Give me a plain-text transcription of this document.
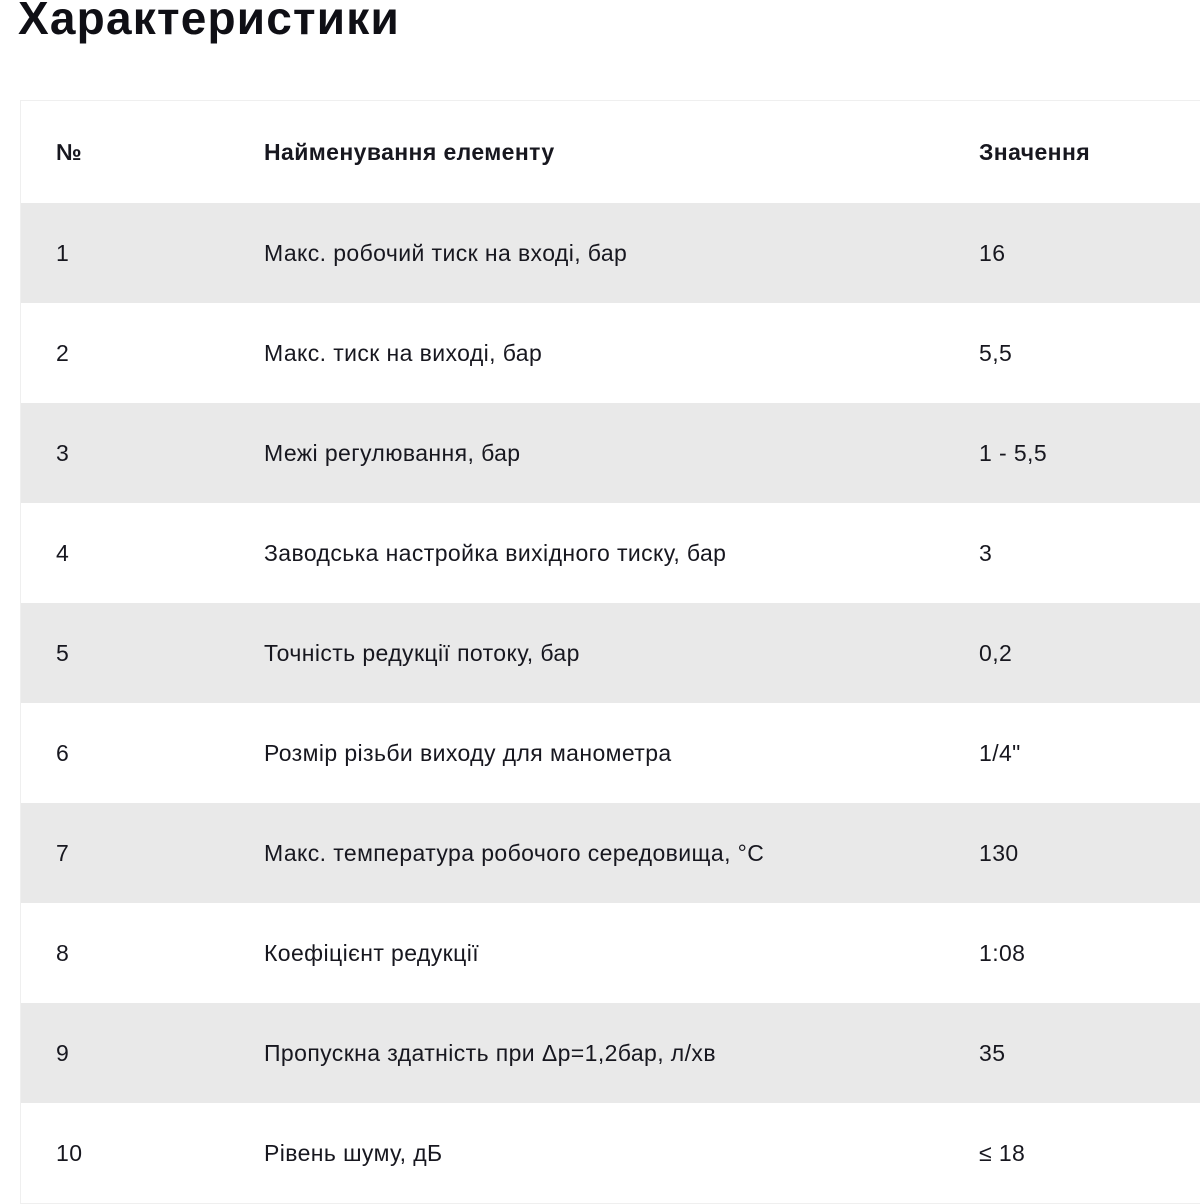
Характеристики
№	Найменування елементу	Значення
1	Макс. робочий тиск на вході, бар	16
2	Макс. тиск на виході, бар	5,5
3	Межі регулювання, бар	1 - 5,5
4	Заводська настройка вихідного тиску, бар	3
5	Точність редукції потоку, бар	0,2
6	Розмір різьби виходу для манометра	1/4"
7	Макс. температура робочого середовища, °С	130
8	Коефіцієнт редукції	1:08
9	Пропускна здатність при Δp=1,2бар, л/хв	35
10	Рівень шуму, дБ	≤ 18
